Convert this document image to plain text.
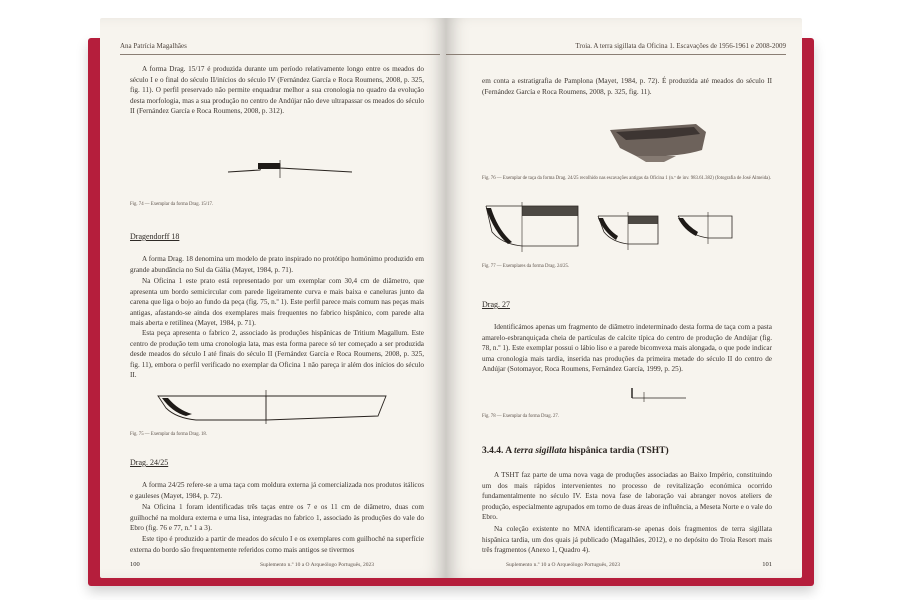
Ana Patrícia Magalhães
A forma Drag. 15/17 é produzida durante um período relativamente longo entre os meados do século I e o final do século II/inícios do século IV (Fernández García e Roca Roumens, 2008, p. 325, fig. 11). O perfil preservado não permite enquadrar melhor a sua cronologia no quadro da evolução desta morfologia, mas a sua produção no centro de Andújar não deve ultrapassar os meados do século II (Fernández García e Roca Roumens, 2008, p. 312).
Fig. 74 — Exemplar da forma Drag. 15/17.
Dragendorff 18
A forma Drag. 18 denomina um modelo de prato inspirado no protótipo homónimo produzido em grande abundância no Sul da Gália (Mayet, 1984, p. 71).
Na Oficina 1 este prato está representado por um exemplar com 30,4 cm de diâmetro, que apresenta um bordo semicircular com parede ligeiramente curva e mais baixa e caneluras junto da carena que liga o bojo ao fundo da peça (fig. 75, n.º 1). Este perfil parece mais comum nas peças mais antigas, afastando-se ainda dos exemplares mais frequentes no fabrico hispânico, com parede alta mais aberta e retilínea (Mayet, 1984, p. 71).
Esta peça apresenta o fabrico 2, associado às produções hispânicas de Tritium Magallum. Este centro de produção tem uma cronologia lata, mas esta forma parece só ter começado a ser produzida desde meados do século I até finais do século II (Fernández García e Roca Roumens, 2008, p. 325, fig. 11), embora o perfil verificado no exemplar da Oficina 1 não pareça ir além dos inícios do século II.
Fig. 75 — Exemplar da forma Drag. 18.
Drag. 24/25
A forma 24/25 refere-se a uma taça com moldura externa já comercializada nos produtos itálicos e gauleses (Mayet, 1984, p. 72).
Na Oficina 1 foram identificadas três taças entre os 7 e os 11 cm de diâmetro, duas com guilhoché na moldura externa e uma lisa, integradas no fabrico 1, associado às produções do vale do Ebro (fig. 76 e 77, n.º 1 a 3).
Este tipo é produzido a partir de meados do século I e os exemplares com guilhoché na superfície externa do bordo são frequentemente referidos como mais antigos se tivermos
100	Suplemento n.º 10 a O Arqueólogo Português, 2023
Troia. A terra sigillata da Oficina 1. Escavações de 1956-1961 e 2008-2009
em conta a estratigrafia de Pamplona (Mayet, 1984, p. 72). É produzida até meados do século II (Fernández García e Roca Roumens, 2008, p. 325, fig. 11).
Fig. 76 — Exemplar de taça da forma Drag. 24/25 recolhido nas escavações antigas da Oficina 1 (n.º de inv. 983.61.382) (fotografia de José Almeida).
Fig. 77 — Exemplares da forma Drag. 24/25.
Drag. 27
Identificámos apenas um fragmento de diâmetro indeterminado desta forma de taça com a pasta amarelo-esbranquiçada cheia de partículas de calcite típica do centro de produção de Andújar (fig. 78, n.º 1). Este exemplar possui o lábio liso e a parede bicomvexa mais alongada, o que pode indicar uma cronologia mais tardia, inserida nas produções da primeira metade do século II do centro de Andújar (Sotomayor, Roca Roumens, Fernández García, 1999, p. 25).
Fig. 78 — Exemplar da forma Drag. 27.
3.4.4. A terra sigillata hispânica tardia (TSHT)
A TSHT faz parte de uma nova vaga de produções associadas ao Baixo Império, constituindo um dos mais rápidos intervenientes no processo de revitalização económica ocorrido fundamentalmente no século IV. Esta nova fase de laboração vai abranger novos ateliers de produção, especialmente agrupados em torno de duas áreas de influência, a Meseta Norte e o vale do Ebro.
Na coleção existente no MNA identificaram-se apenas dois fragmentos de terra sigillata hispânica tardia, um dos quais já publicado (Magalhães, 2012), e no depósito do Troia Resort mais três fragmentos (Anexo 1, Quadro 4).
Suplemento n.º 10 a O Arqueólogo Português, 2023	101
